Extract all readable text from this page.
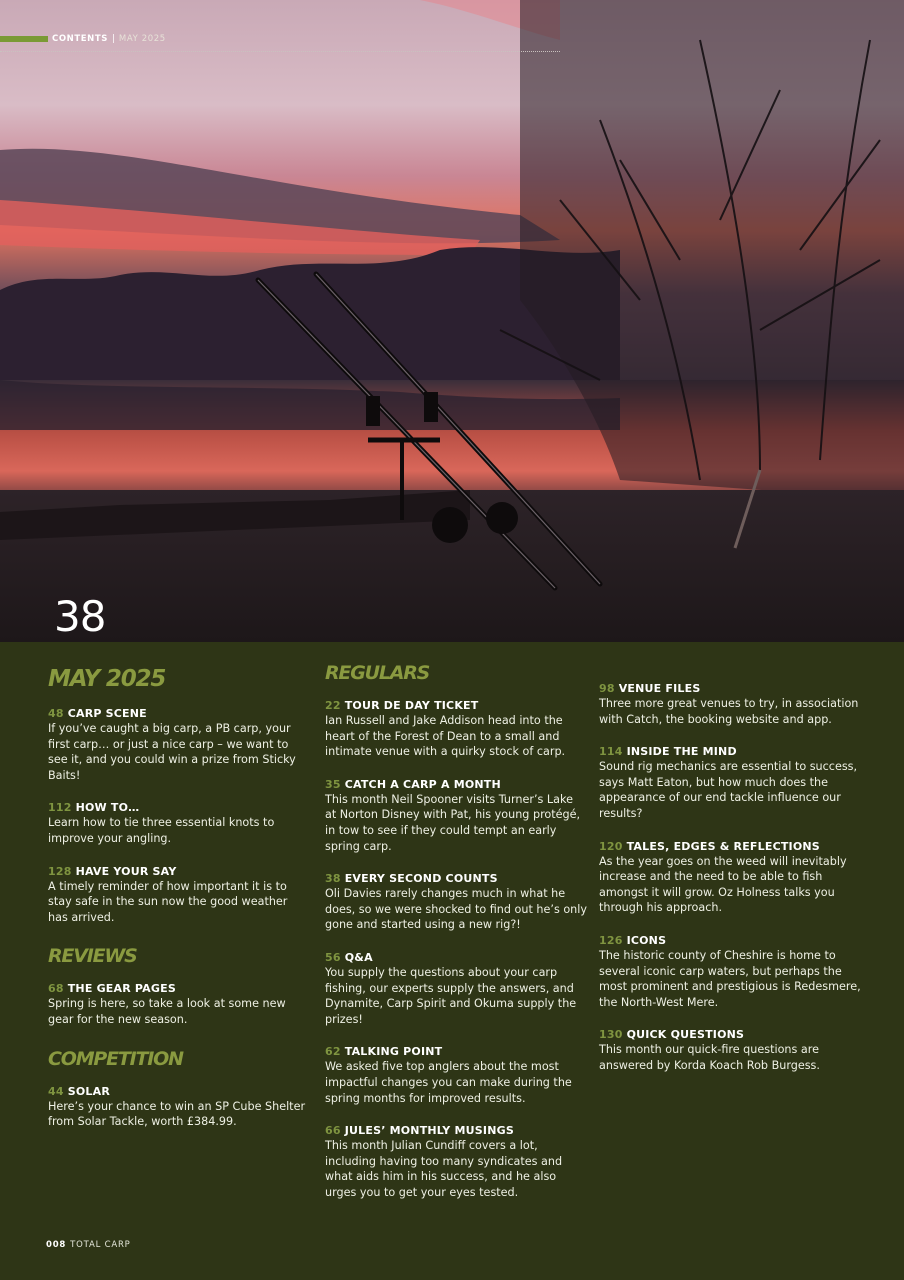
CONTENTS | MAY 2025
38
MAY 2025
48 CARP SCENE
If you’ve caught a big carp, a PB carp, your first carp… or just a nice carp – we want to see it, and you could win a prize from Sticky Baits!
112 HOW TO…
Learn how to tie three essential knots to improve your angling.
128 HAVE YOUR SAY
A timely reminder of how important it is to stay safe in the sun now the good weather has arrived.
REVIEWS
68 THE GEAR PAGES
Spring is here, so take a look at some new gear for the new season.
COMPETITION
44 SOLAR
Here’s your chance to win an SP Cube Shelter from Solar Tackle, worth £384.99.
REGULARS
22 TOUR DE DAY TICKET
Ian Russell and Jake Addison head into the heart of the Forest of Dean to a small and intimate venue with a quirky stock of carp.
35 CATCH A CARP A MONTH
This month Neil Spooner visits Turner’s Lake at Norton Disney with Pat, his young protégé, in tow to see if they could tempt an early spring carp.
38 EVERY SECOND COUNTS
Oli Davies rarely changes much in what he does, so we were shocked to find out he’s only gone and started using a new rig?!
56 Q&A
You supply the questions about your carp fishing, our experts supply the answers, and Dynamite, Carp Spirit and Okuma supply the prizes!
62 TALKING POINT
We asked five top anglers about the most impactful changes you can make during the spring months for improved results.
66 JULES’ MONTHLY MUSINGS
This month Julian Cundiff covers a lot, including having too many syndicates and what aids him in his success, and he also urges you to get your eyes tested.
98 VENUE FILES
Three more great venues to try, in association with Catch, the booking website and app.
114 INSIDE THE MIND
Sound rig mechanics are essential to success, says Matt Eaton, but how much does the appearance of our end tackle influence our results?
120 TALES, EDGES & REFLECTIONS
As the year goes on the weed will inevitably increase and the need to be able to fish amongst it will grow. Oz Holness talks you through his approach.
126 ICONS
The historic county of Cheshire is home to several iconic carp waters, but perhaps the most prominent and prestigious is Redesmere, the North-West Mere.
130 QUICK QUESTIONS
This month our quick-fire questions are answered by Korda Koach Rob Burgess.
008 TOTAL CARP
